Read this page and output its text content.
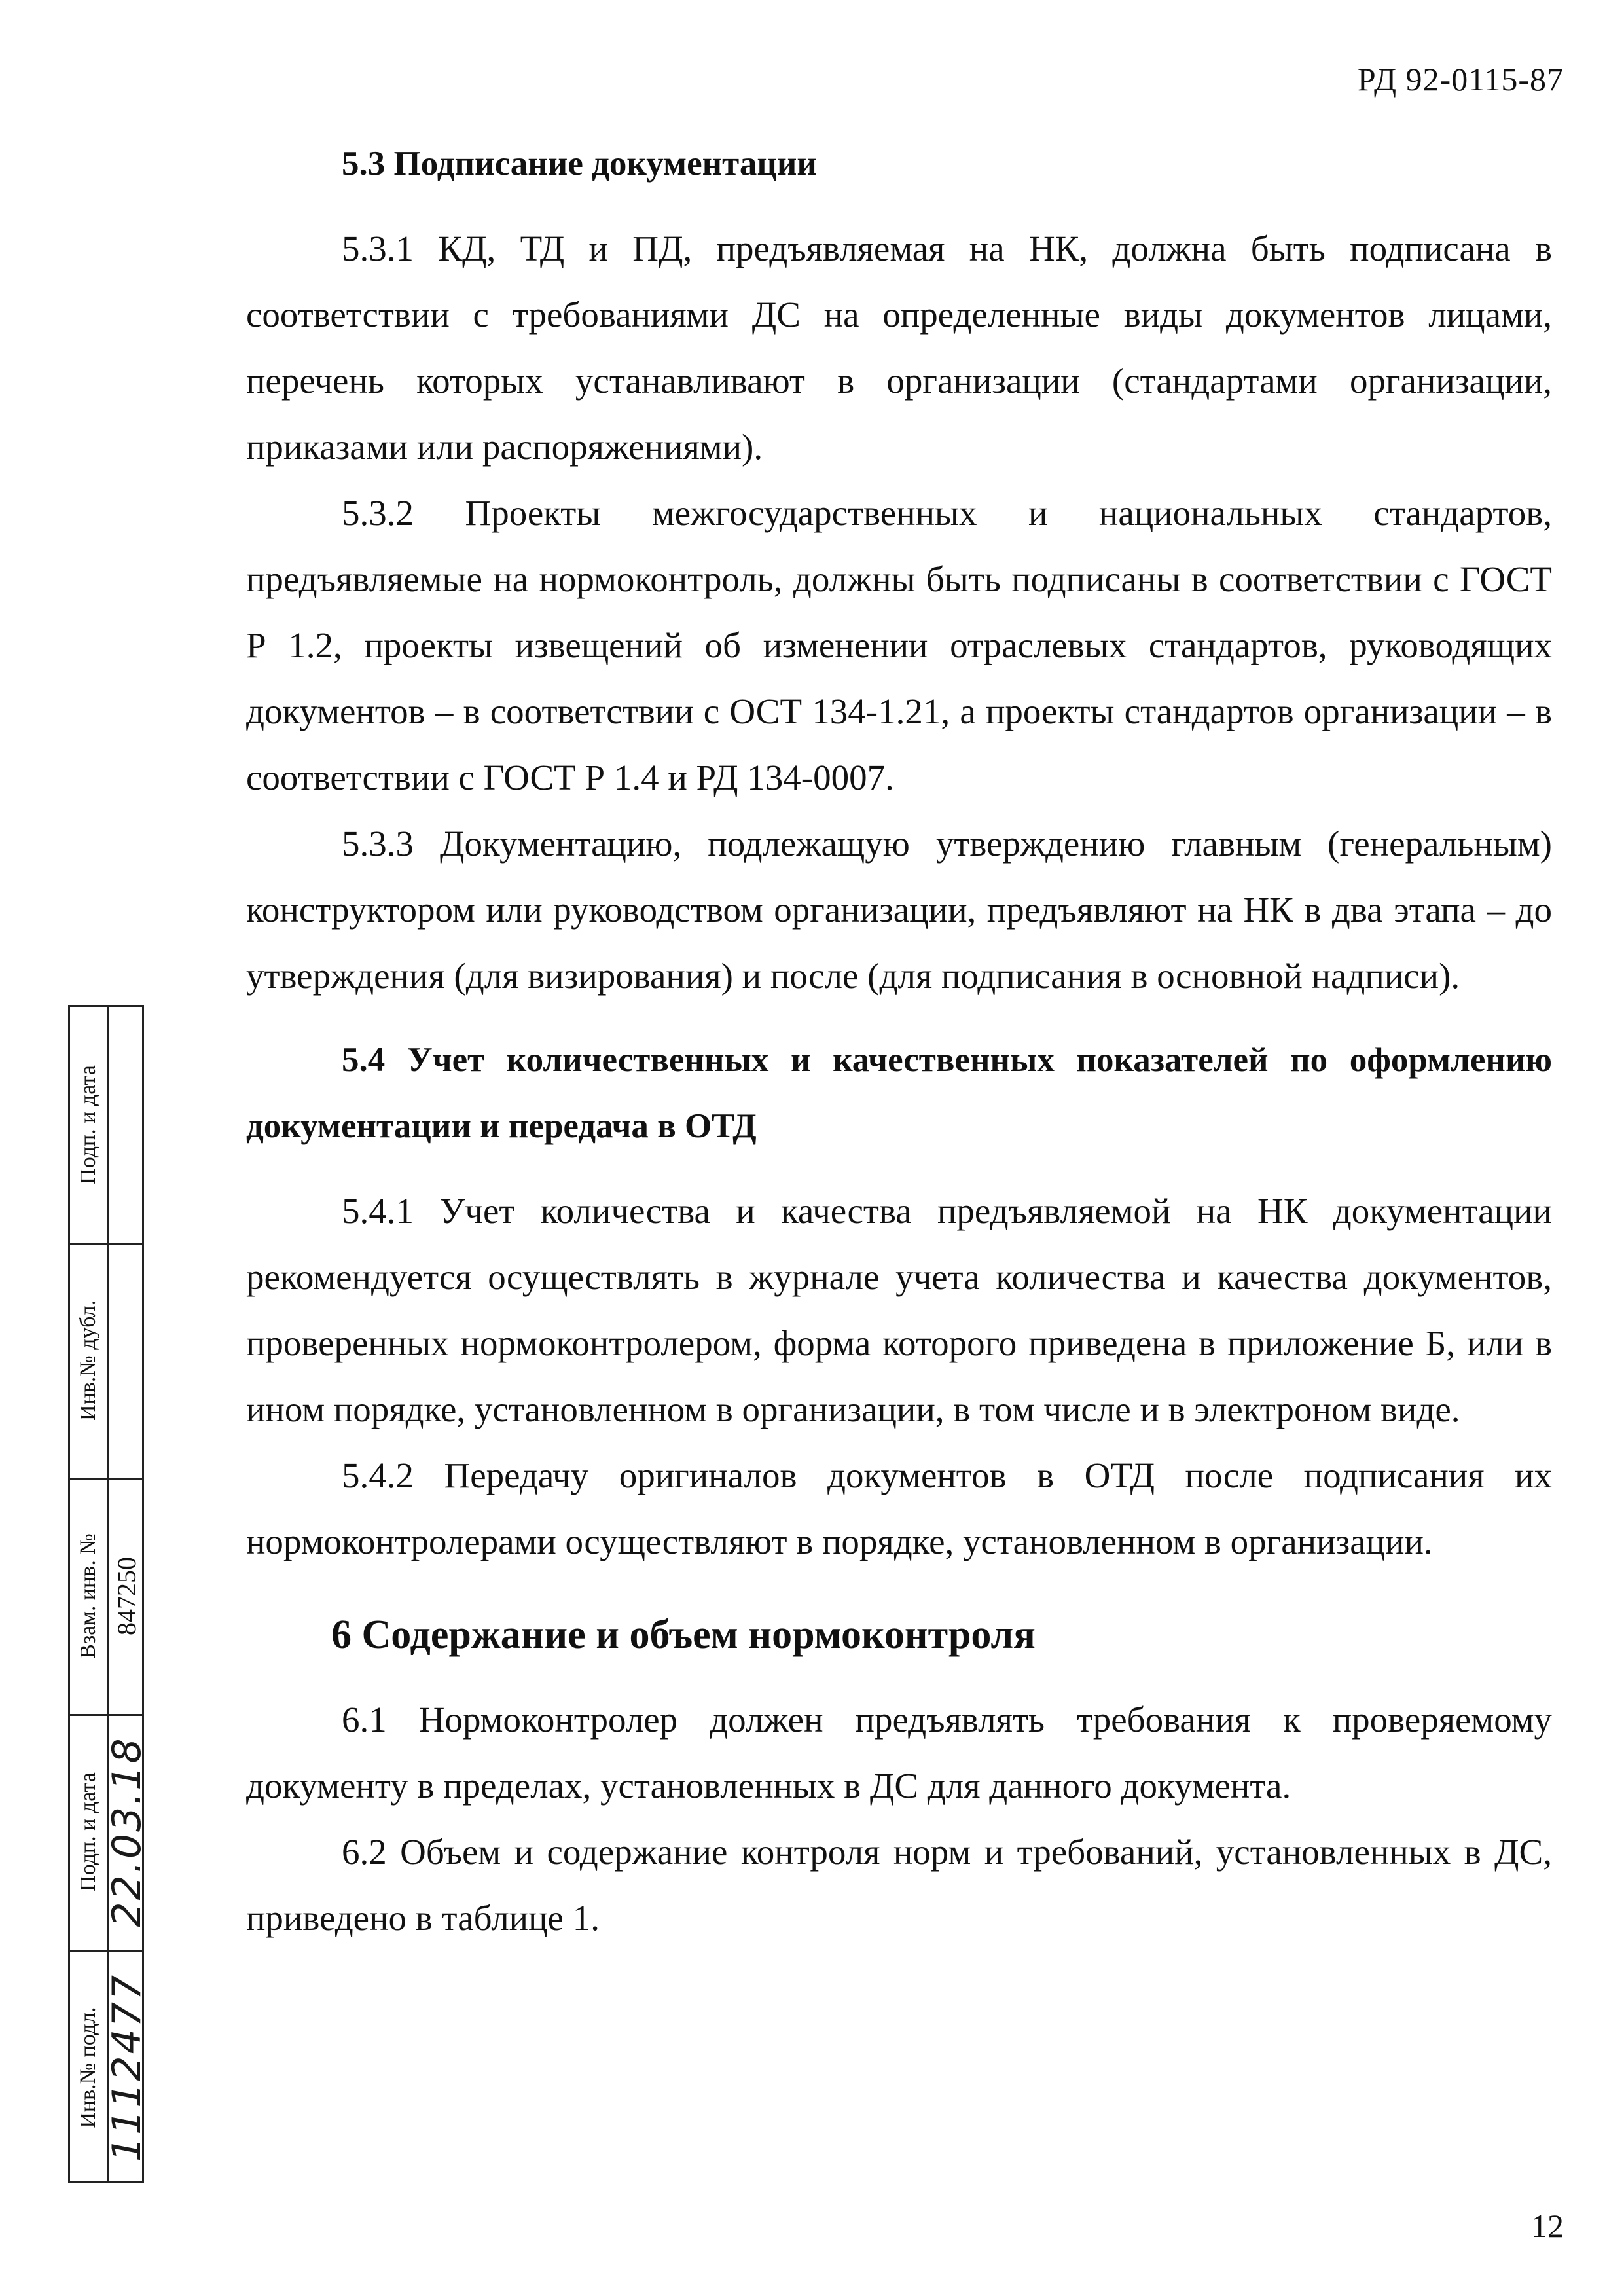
РД 92-0115-87
5.3 Подписание документации

5.3.1 КД, ТД и ПД, предъявляемая на НК, должна быть подписана в соответствии с требованиями ДС на определенные виды документов лицами, перечень которых устанавливают в организации (стандартами организации, приказами или распоряжениями).

5.3.2 Проекты межгосударственных и национальных стандартов, предъявляемые на нормоконтроль, должны быть подписаны в соответствии с ГОСТ Р 1.2, проекты извещений об изменении отраслевых стандартов, руководящих документов – в соответствии с ОСТ 134-1.21, а проекты стандартов организации – в соответствии с ГОСТ Р 1.4 и РД 134-0007.

5.3.3 Документацию, подлежащую утверждению главным (генеральным) конструктором или руководством организации, предъявляют на НК в два этапа – до утверждения (для визирования) и после (для подписания в основной надписи).

5.4 Учет количественных и качественных показателей по оформлению документации и передача в ОТД

5.4.1 Учет количества и качества предъявляемой на НК документации рекомендуется осуществлять в журнале учета количества и качества документов, проверенных нормоконтролером, форма которого приведена в приложение Б, или в ином порядке, установленном в организации, в том числе и в электроном виде.

5.4.2 Передачу оригиналов документов в ОТД после подписания их нормоконтролерами осуществляют в порядке, установленном в организации.

6 Содержание и объем нормоконтроля

6.1 Нормоконтролер должен предъявлять требования к проверяемому документу в пределах, установленных в ДС для данного документа.

6.2 Объем и содержание контроля норм и требований, установленных в ДС, приведено в таблице 1.

Подп. и дата
Инв.№ дубл.
Взам. инв. № 847250
Подп. и дата 22.03.18
Инв.№ подл. 1112477
12
